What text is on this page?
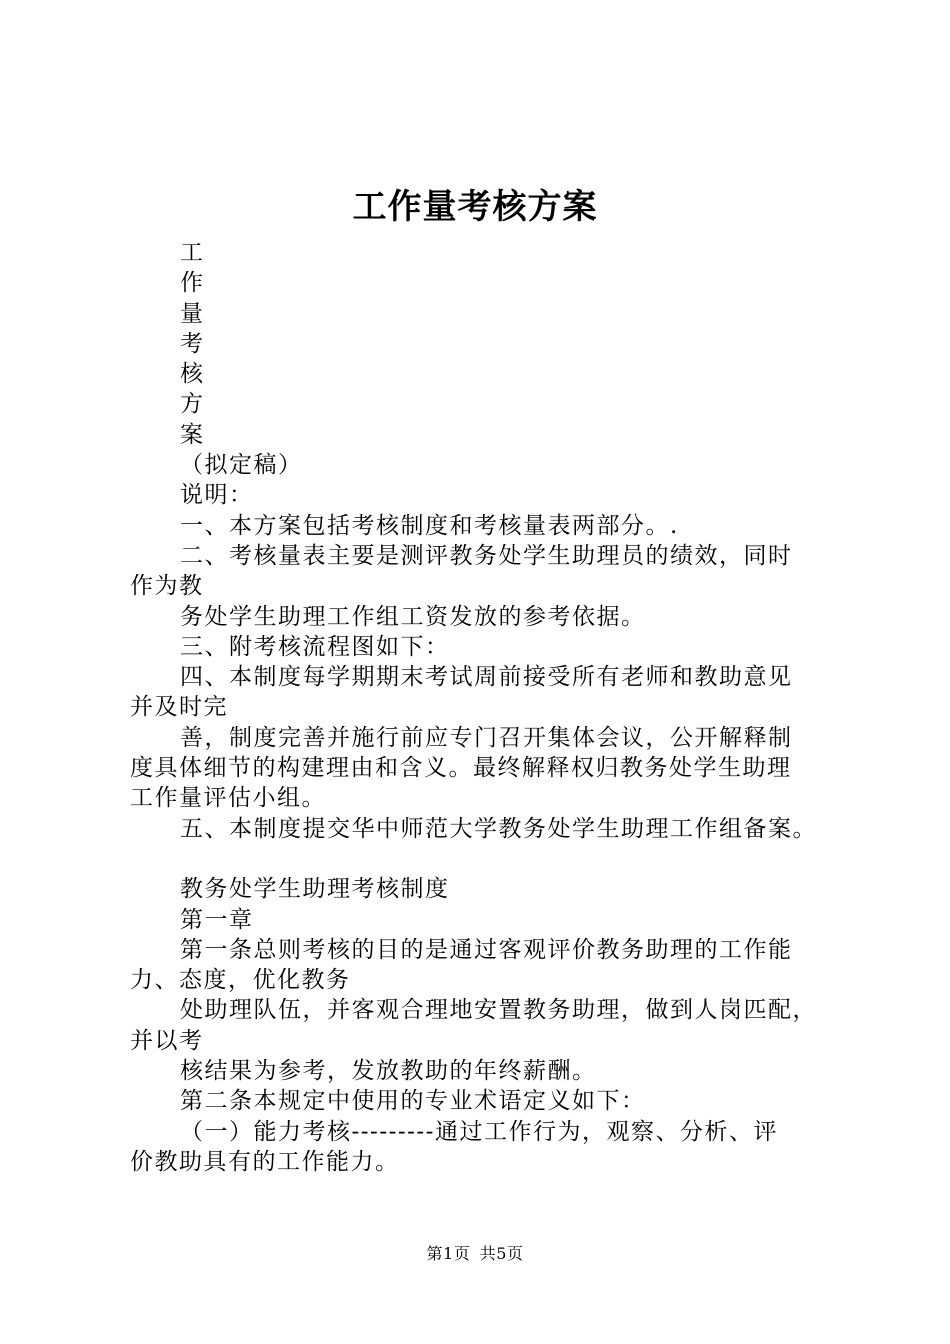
工作量考核方案
工
作
量
考
核
方
案
（拟定稿）
说明：
一、本方案包括考核制度和考核量表两部分。.
二、考核量表主要是测评教务处学生助理员的绩效，同时
作为教
务处学生助理工作组工资发放的参考依据。
三、附考核流程图如下：
四、本制度每学期期末考试周前接受所有老师和教助意见
并及时完
善，制度完善并施行前应专门召开集体会议，公开解释制
度具体细节的构建理由和含义。最终解释权归教务处学生助理
工作量评估小组。
五、本制度提交华中师范大学教务处学生助理工作组备案。
教务处学生助理考核制度
第一章
第一条总则考核的目的是通过客观评价教务助理的工作能
力、态度，优化教务
处助理队伍，并客观合理地安置教务助理，做到人岗匹配，
并以考
核结果为参考，发放教助的年终薪酬。
第二条本规定中使用的专业术语定义如下：
（一）能力考核---------通过工作行为，观察、分析、评
价教助具有的工作能力。
第1页 共5页
